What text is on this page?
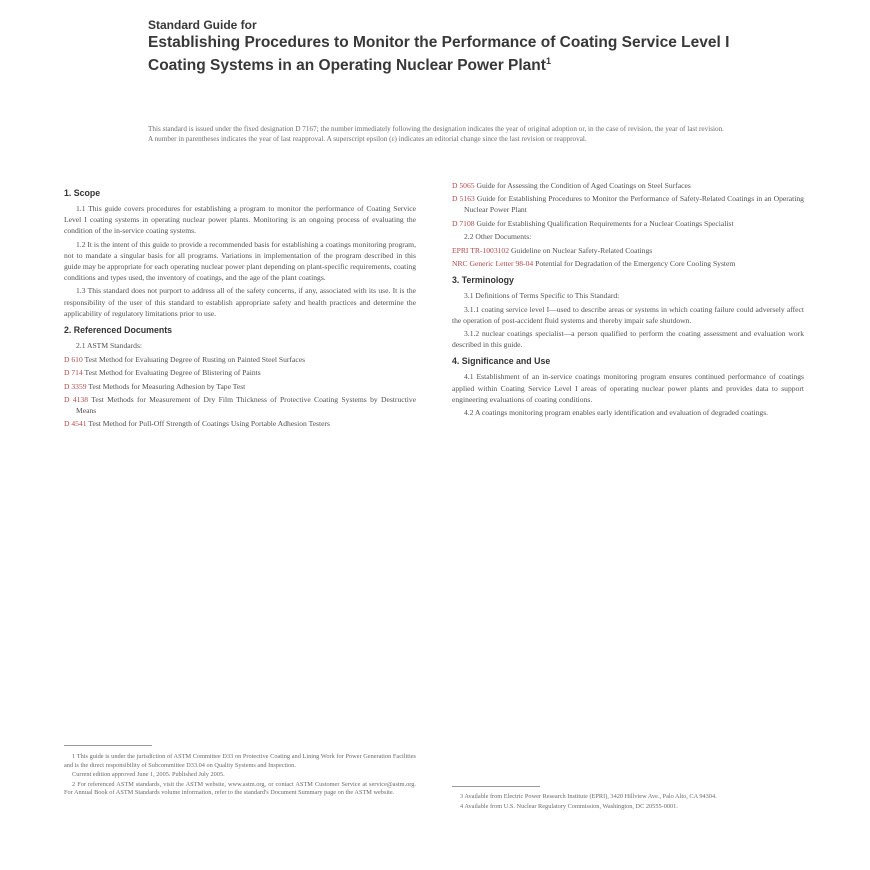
Standard Guide for
Establishing Procedures to Monitor the Performance of Coating Service Level I Coating Systems in an Operating Nuclear Power Plant$^1$
This standard is issued under the fixed designation D 7167; the number immediately following the designation indicates the year of original adoption or, in the case of revision, the year of last revision. A number in parentheses indicates the year of last reapproval. A superscript epsilon (ε) indicates an editorial change since the last revision or reapproval.
1. Scope

1.1 This guide covers procedures for establishing a program to monitor the performance of Coating Service Level I coating systems in operating nuclear power plants. Monitoring is an ongoing process of evaluating the condition of the in-service coating systems.

1.2 It is the intent of this guide to provide a recommended basis for establishing a coatings monitoring program, not to mandate a singular basis for all programs. Variations in implementation of the program described in this guide may be appropriate for each operating nuclear power plant depending on plant-specific requirements, coating conditions and types used, the inventory of coatings, and the age of the plant coatings.

1.3 This standard does not purport to address all of the safety concerns, if any, associated with its use. It is the responsibility of the user of this standard to establish appropriate safety and health practices and determine the applicability of regulatory limitations prior to use.

2. Referenced Documents
2.1 ASTM Standards:

D 610 Test Method for Evaluating Degree of Rusting on Painted Steel Surfaces

D 714 Test Method for Evaluating Degree of Blistering of Paints

D 3359 Test Methods for Measuring Adhesion by Tape Test

D 4138 Test Methods for Measurement of Dry Film Thickness of Protective Coating Systems by Destructive Means

D 4541 Test Method for Pull-Off Strength of Coatings Using Portable Adhesion Testers

1 This guide is under the jurisdiction of ASTM Committee D33 on Protective Coating and Lining Work for Power Generation Facilities and is the direct responsibility of Subcommittee D33.04 on Quality Systems and Inspection.

Current edition approved June 1, 2005. Published July 2005.

2 For referenced ASTM standards, visit the ASTM website, www.astm.org, or contact ASTM Customer Service at service@astm.org. For Annual Book of ASTM Standards volume information, refer to the standard's Document Summary page on the ASTM website.

D 5065 Guide for Assessing the Condition of Aged Coatings on Steel Surfaces

D 5163 Guide for Establishing Procedures to Monitor the Performance of Safety-Related Coatings in an Operating Nuclear Power Plant

D 7108 Guide for Establishing Qualification Requirements for a Nuclear Coatings Specialist

2.2 Other Documents:

EPRI TR-1003102 Guideline on Nuclear Safety-Related Coatings

NRC Generic Letter 98-04 Potential for Degradation of the Emergency Core Cooling System

3. Terminology

3.1 Definitions of Terms Specific to This Standard:

3.1.1 coating service level I—used to describe areas or systems in which coating failure could adversely affect the operation of post-accident fluid systems and thereby impair safe shutdown.

3.1.2 nuclear coatings specialist—a person qualified to perform the coating assessment and evaluation work described in this guide.

4. Significance and Use

4.1 Establishment of an in-service coatings monitoring program ensures continued performance of coatings applied within Coating Service Level I areas of operating nuclear power plants and provides data to support engineering evaluations of coating conditions.

4.2 A coatings monitoring program enables early identification and evaluation of degraded coatings.

3 Available from Electric Power Research Institute (EPRI), 3420 Hillview Ave., Palo Alto, CA 94304.

4 Available from U.S. Nuclear Regulatory Commission, Washington, DC 20555-0001.
